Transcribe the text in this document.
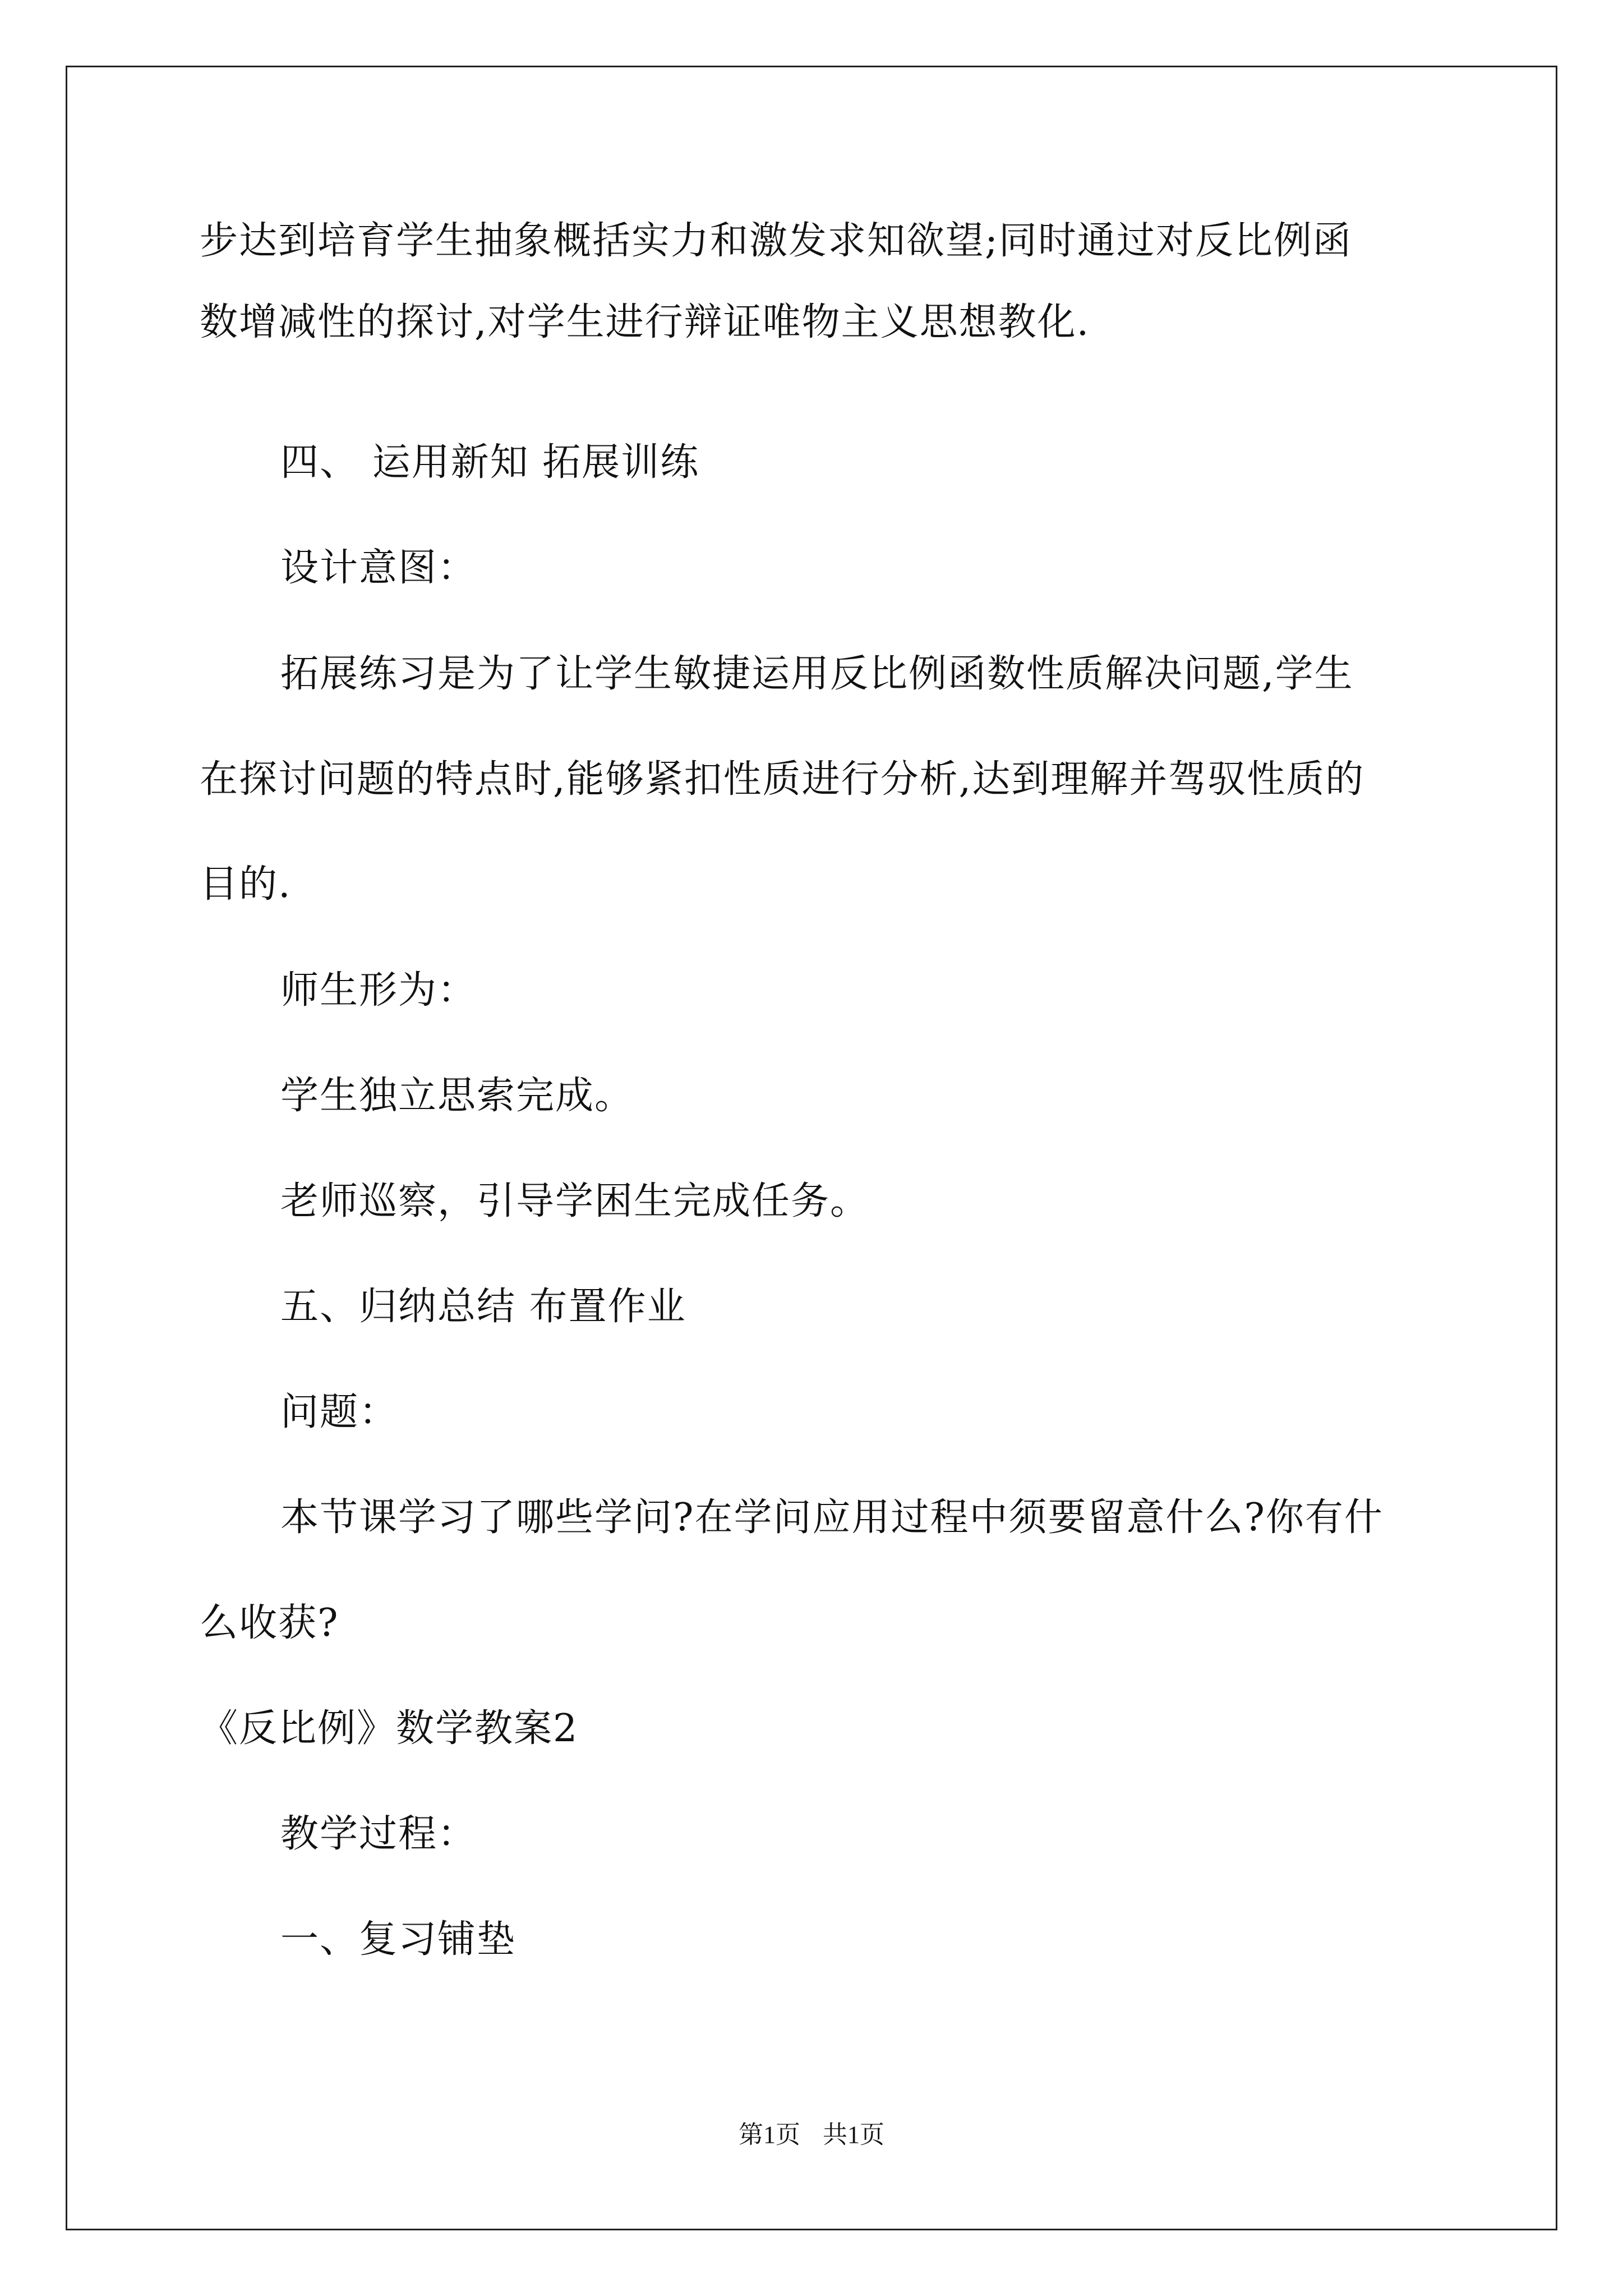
步达到培育学生抽象概括实力和激发求知欲望;同时通过对反比例函
数增减性的探讨,对学生进行辩证唯物主义思想教化.
四、 运用新知 拓展训练
设计意图：
拓展练习是为了让学生敏捷运用反比例函数性质解决问题,学生
在探讨问题的特点时,能够紧扣性质进行分析,达到理解并驾驭性质的
目的.
师生形为：
学生独立思索完成。
老师巡察，引导学困生完成任务。
五、归纳总结 布置作业
问题：
本节课学习了哪些学问?在学问应用过程中须要留意什么?你有什
么收获?
《反比例》数学教案2
教学过程：
一、复习铺垫
第1页 共1页
